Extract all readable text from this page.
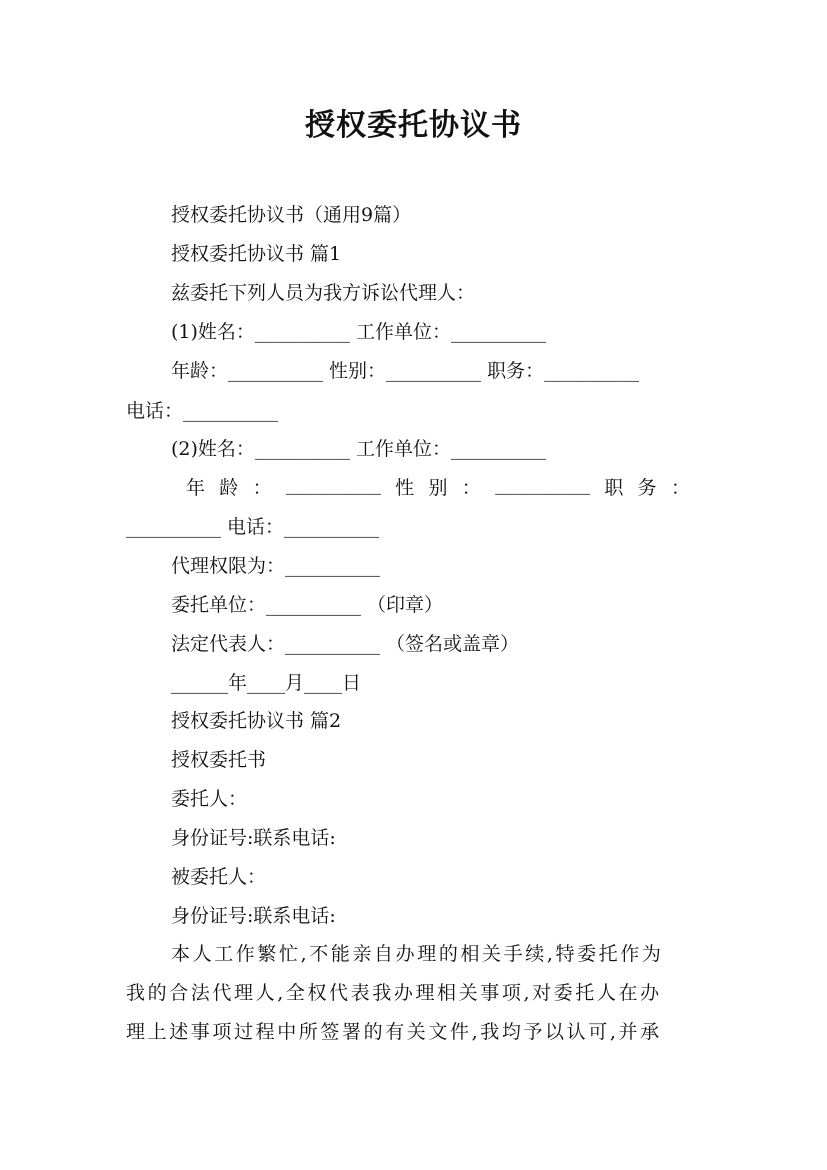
授权委托协议书
授权委托协议书（通用9篇）
授权委托协议书 篇1
兹委托下列人员为我方诉讼代理人：
(1)姓名：__________ 工作单位：__________
年龄：__________ 性别：__________ 职务：__________
电话：__________
(2)姓名：__________ 工作单位：__________
年 龄 ： __________ 性 别 ： __________ 职 务 ：
__________ 电话：__________
代理权限为：__________
委托单位：__________ （印章）
法定代表人：__________ （签名或盖章）
______年____月____日
授权委托协议书 篇2
授权委托书
委托人：
身份证号:联系电话:
被委托人：
身份证号:联系电话:
本人工作繁忙,不能亲自办理的相关手续,特委托作为
我的合法代理人,全权代表我办理相关事项,对委托人在办
理上述事项过程中所签署的有关文件,我均予以认可,并承
